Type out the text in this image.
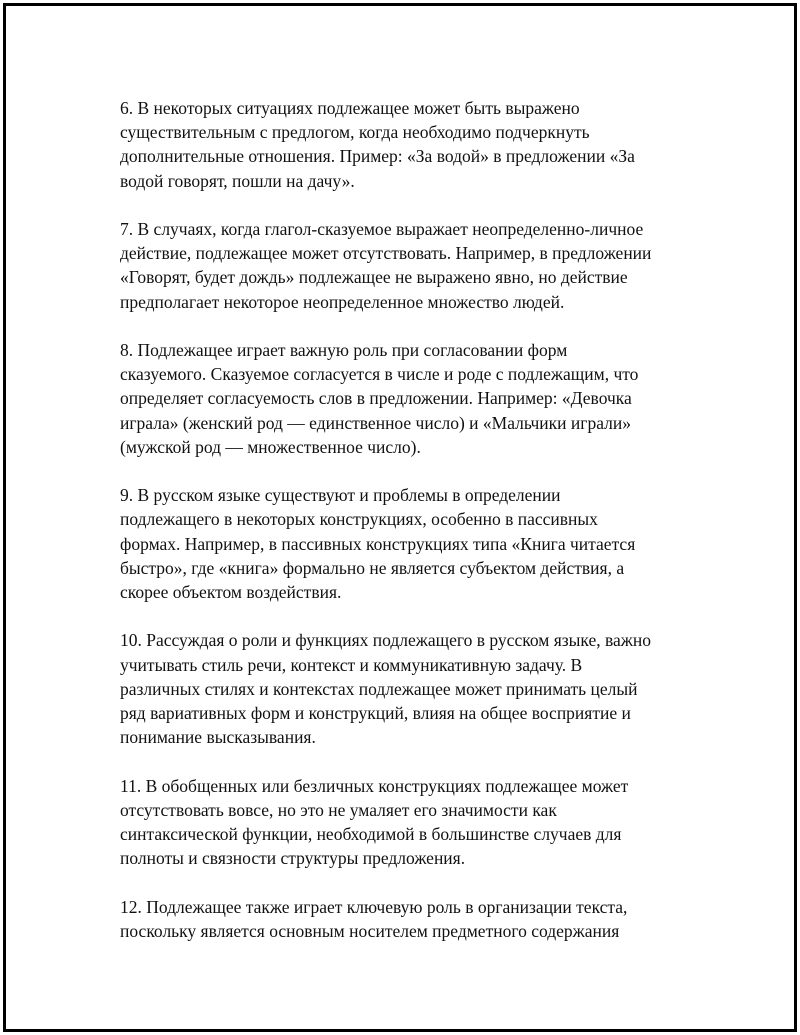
6. В некоторых ситуациях подлежащее может быть выражено
существительным с предлогом, когда необходимо подчеркнуть
дополнительные отношения. Пример: «За водой» в предложении «За
водой говорят, пошли на дачу».

7. В случаях, когда глагол-сказуемое выражает неопределенно-личное
действие, подлежащее может отсутствовать. Например, в предложении
«Говорят, будет дождь» подлежащее не выражено явно, но действие
предполагает некоторое неопределенное множество людей.

8. Подлежащее играет важную роль при согласовании форм
сказуемого. Сказуемое согласуется в числе и роде с подлежащим, что
определяет согласуемость слов в предложении. Например: «Девочка
играла» (женский род — единственное число) и «Мальчики играли»
(мужской род — множественное число).

9. В русском языке существуют и проблемы в определении
подлежащего в некоторых конструкциях, особенно в пассивных
формах. Например, в пассивных конструкциях типа «Книга читается
быстро», где «книга» формально не является субъектом действия, а
скорее объектом воздействия.

10. Рассуждая о роли и функциях подлежащего в русском языке, важно
учитывать стиль речи, контекст и коммуникативную задачу. В
различных стилях и контекстах подлежащее может принимать целый
ряд вариативных форм и конструкций, влияя на общее восприятие и
понимание высказывания.

11. В обобщенных или безличных конструкциях подлежащее может
отсутствовать вовсе, но это не умаляет его значимости как
синтаксической функции, необходимой в большинстве случаев для
полноты и связности структуры предложения.

12. Подлежащее также играет ключевую роль в организации текста,
поскольку является основным носителем предметного содержания
